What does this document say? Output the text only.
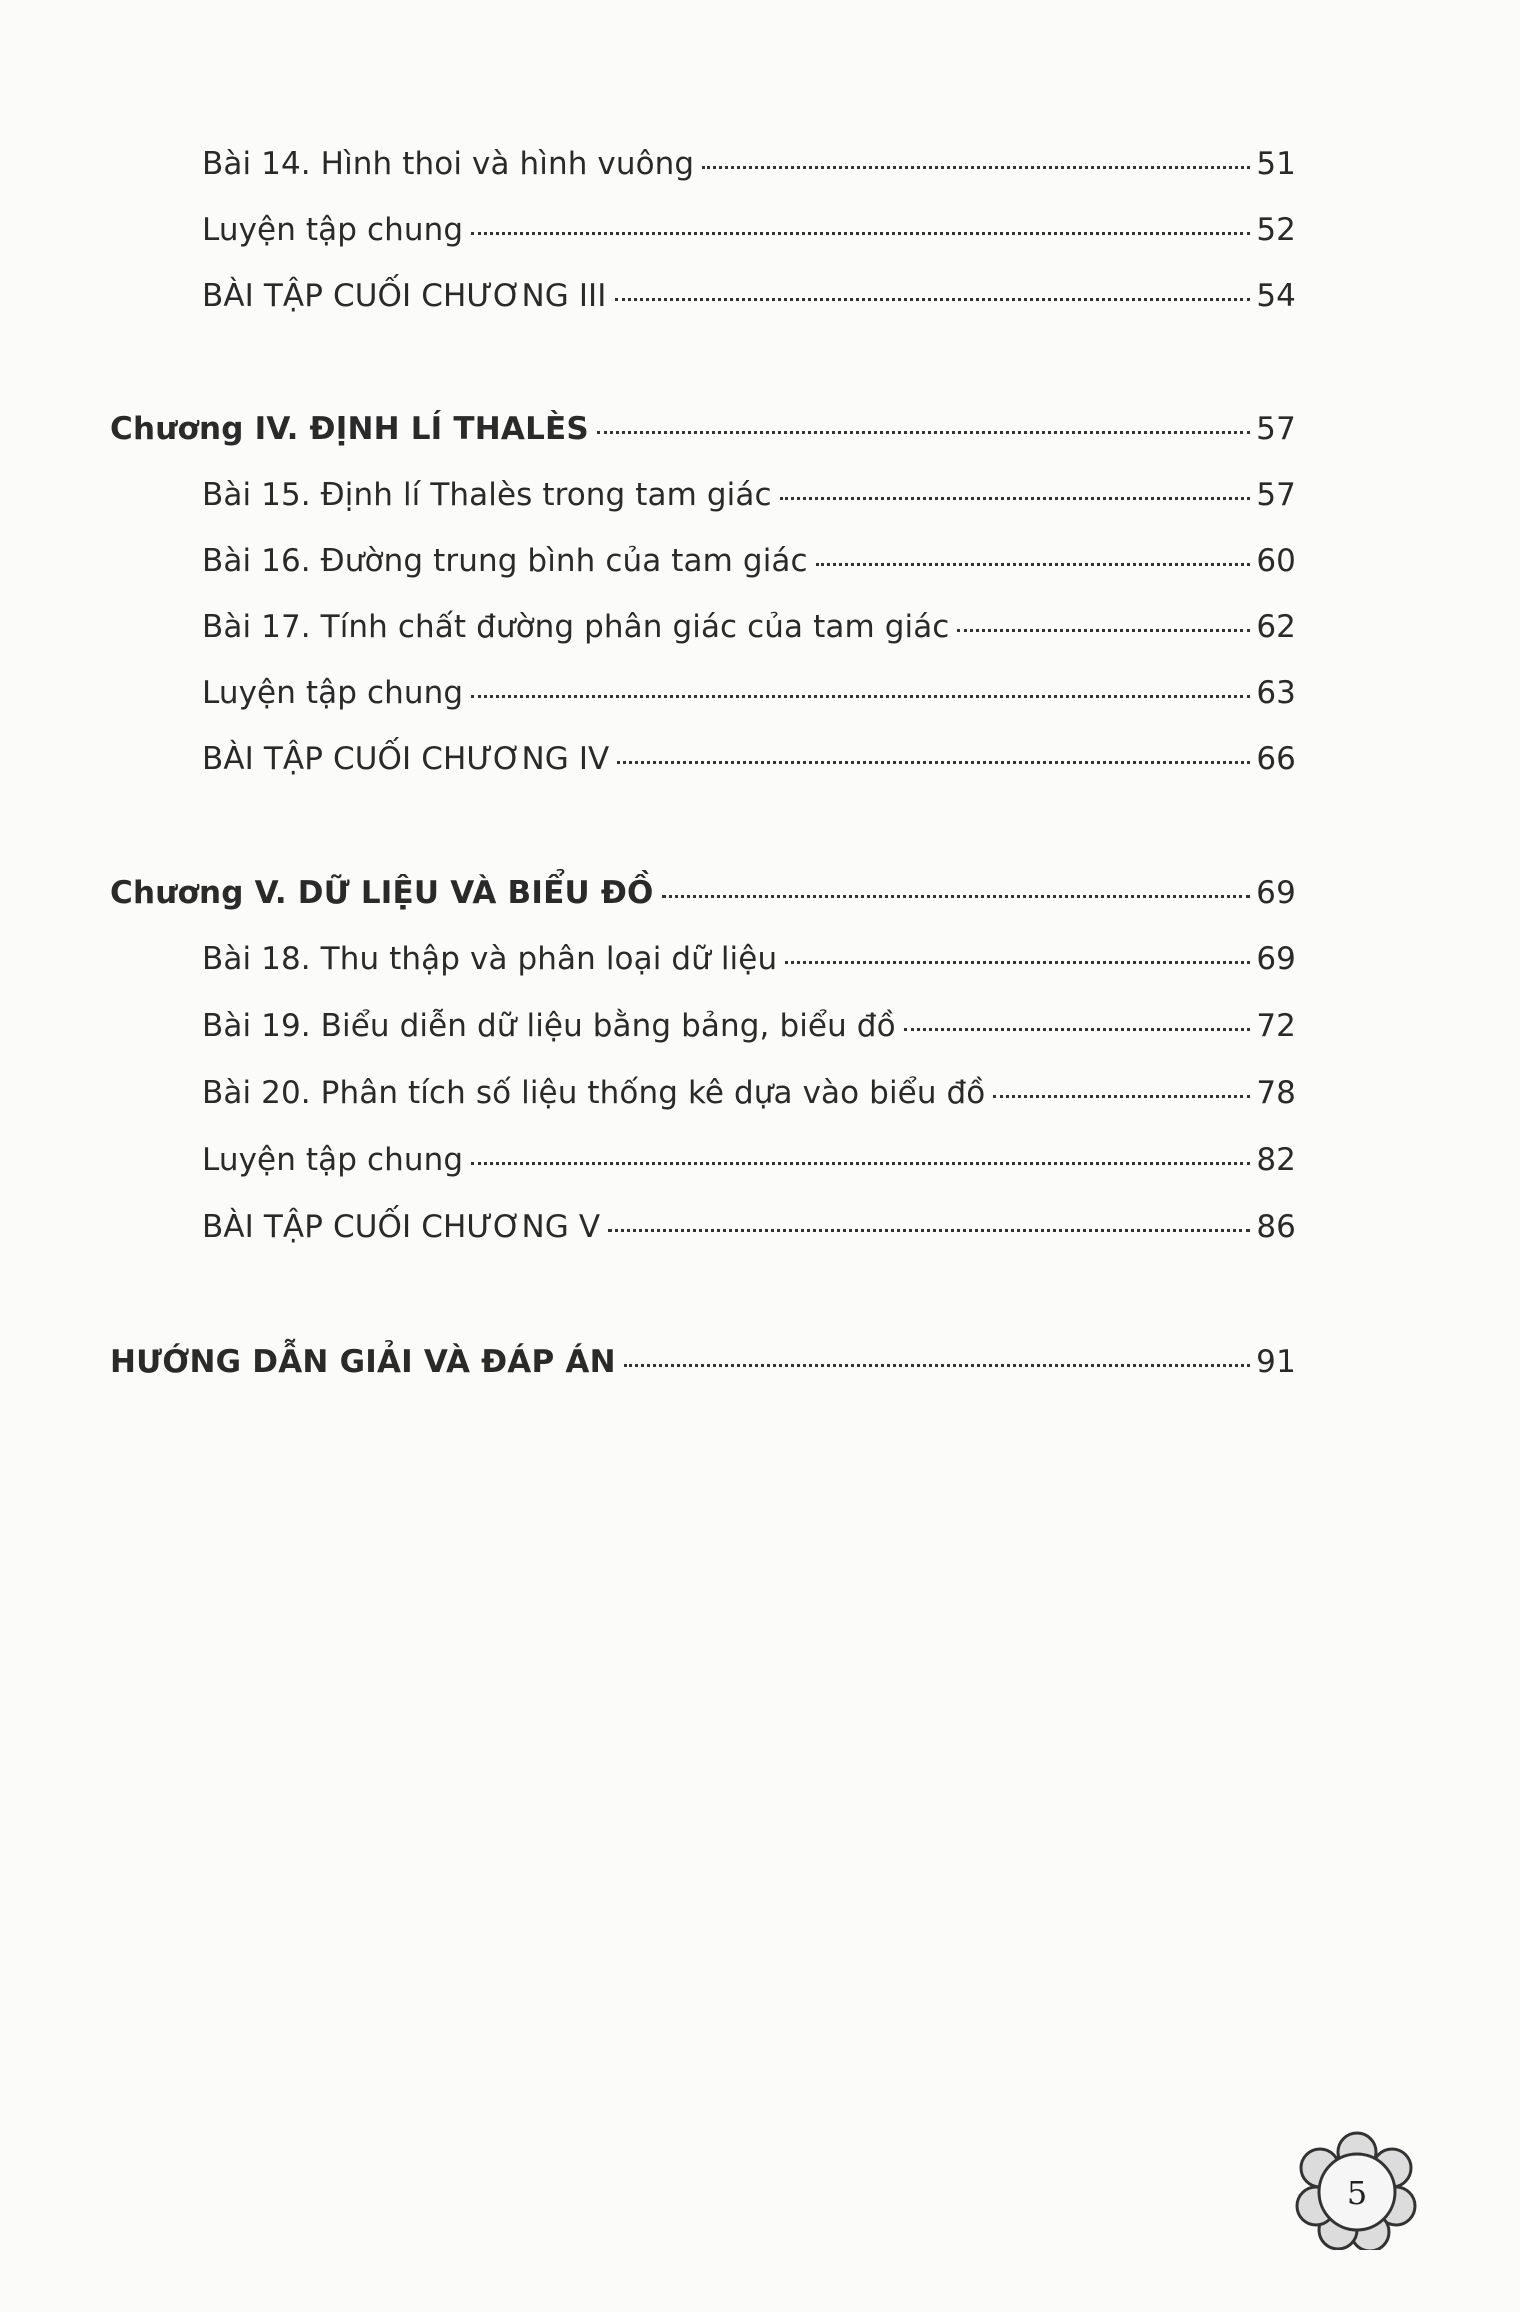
Bài 14. Hình thoi và hình vuông	51
Luyện tập chung	52
BÀI TẬP CUỐI CHƯƠNG III	54
Chương IV. ĐỊNH LÍ THALÈS	57
Bài 15. Định lí Thalès trong tam giác	57
Bài 16. Đường trung bình của tam giác	60
Bài 17. Tính chất đường phân giác của tam giác	62
Luyện tập chung	63
BÀI TẬP CUỐI CHƯƠNG IV	66
Chương V. DỮ LIỆU VÀ BIỂU ĐỒ	69
Bài 18. Thu thập và phân loại dữ liệu	69
Bài 19. Biểu diễn dữ liệu bằng bảng, biểu đồ	72
Bài 20. Phân tích số liệu thống kê dựa vào biểu đồ	78
Luyện tập chung	82
BÀI TẬP CUỐI CHƯƠNG V	86
HƯỚNG DẪN GIẢI VÀ ĐÁP ÁN	91
5
